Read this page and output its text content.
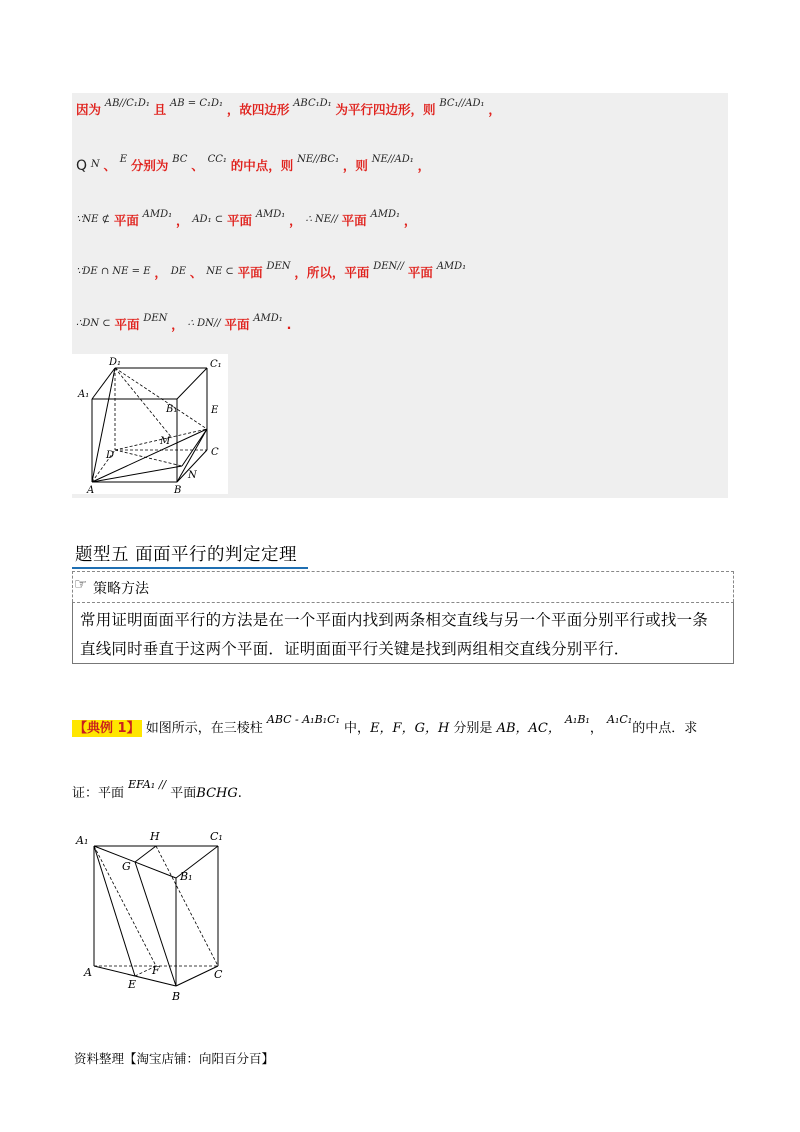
因为 $^{AB//C_1D_1}$ 且 $^{AB = C_1D_1}$ ，故四边形 $^{ABC_1D_1}$ 为平行四边形，则 $^{BC_1//AD_1}$ ，
Q $^N$ 、 $^E$ 分别为 $^{BC}$ 、 $^{CC_1}$ 的中点，则 $^{NE//BC_1}$ ，则 $^{NE//AD_1}$ ，
$^{\because NE ⊄}$ 平面 $^{AMD_1}$ ， $^{AD_1 \subset}$ 平面 $^{AMD_1}$ ， $^{\therefore NE//}$ 平面 $^{AMD_1}$ ，
$^{\because DE \cap NE = E}$ ， $^{DE}$ 、 $^{NE \subset}$ 平面 $^{DEN}$ ，所以，平面 $^{DEN//}$ 平面 $^{AMD_1}$
$^{\therefore DN \subset}$ 平面 $^{DEN}$ ， $^{\therefore DN//}$ 平面 $^{AMD_1}$ .
D₁	C₁
A₁
B₁	E
M
D	C
N
A	B
题型五 面面平行的判定定理
☞ 策略方法
常用证明面面平行的方法是在一个平面内找到两条相交直线与另一个平面分别平行或找一条
直线同时垂直于这两个平面．证明面面平行关键是找到两组相交直线分别平行．
【典例 1】 如图所示，在三棱柱 $^{ABC - A_1B_1C_1}$ 中，E，F，G，H 分别是 AB，AC， $^{A_1B_1}$， $^{A_1C_1}$的中点．求
证：平面 $^{EFA_1 //}$ 平面BCHG.
A₁	H	C₁
G
B₁
A	F	C
E
B
资料整理【淘宝店铺：向阳百分百】
